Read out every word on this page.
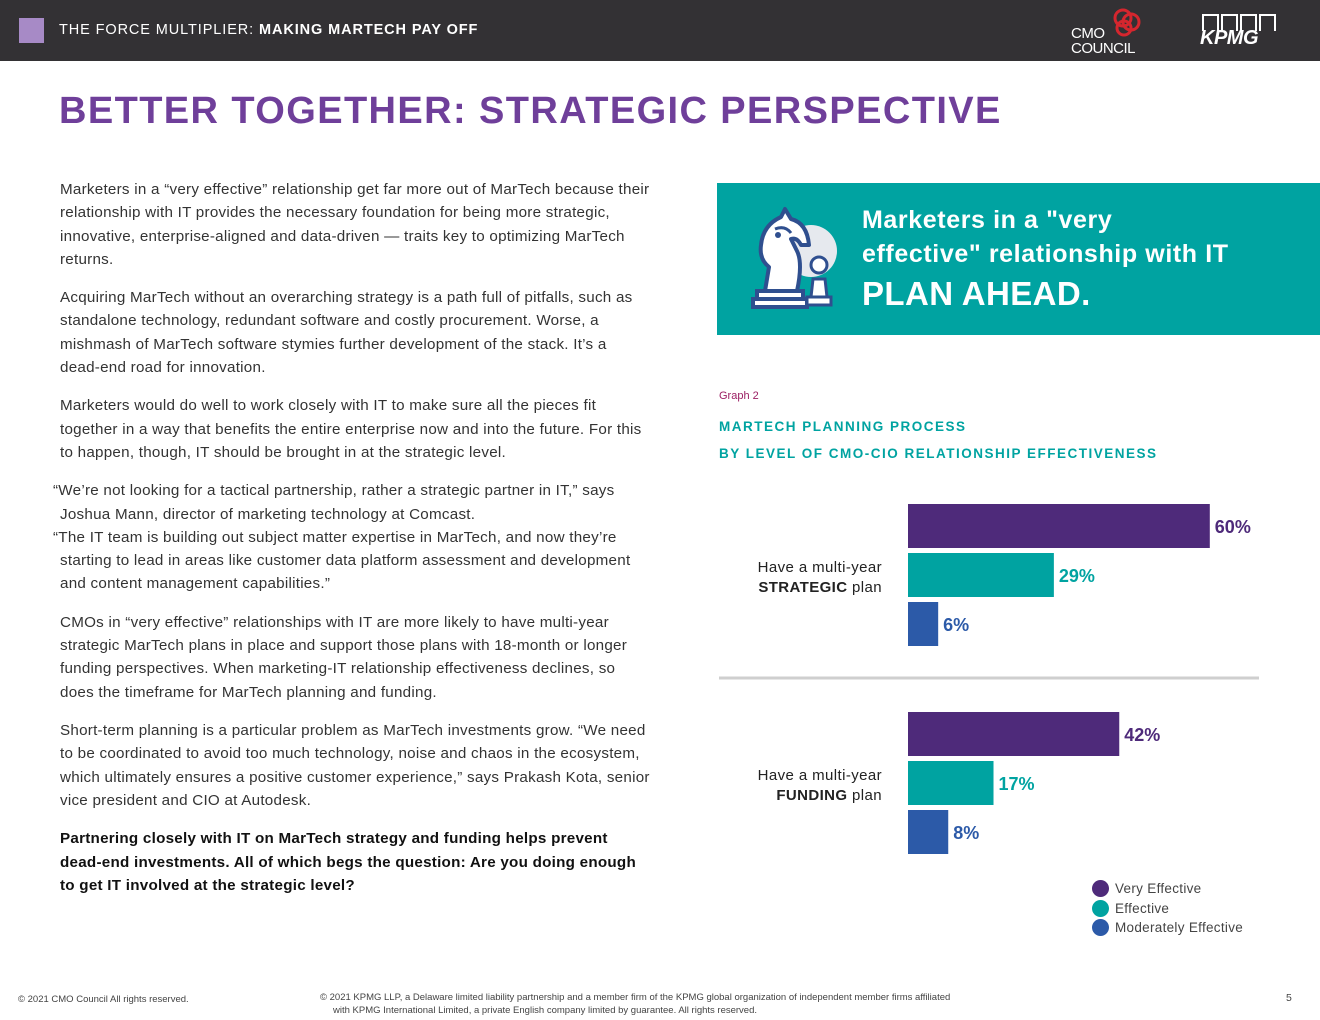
THE FORCE MULTIPLIER: MAKING MARTECH PAY OFF	CMO
COUNCIL	KPMG
BETTER TOGETHER: STRATEGIC PERSPECTIVE

Marketers in a “very effective” relationship get far more out of MarTech because their relationship with IT provides the necessary foundation for being more strategic, innovative, enterprise-aligned and data-driven — traits key to optimizing MarTech returns.

Acquiring MarTech without an overarching strategy is a path full of pitfalls, such as standalone technology, redundant software and costly procurement. Worse, a mishmash of MarTech software stymies further development of the stack. It’s a dead-end road for innovation.

Marketers would do well to work closely with IT to make sure all the pieces fit together in a way that benefits the entire enterprise now and into the future. For this to happen, though, IT should be brought in at the strategic level.

“We’re not looking for a tactical partnership, rather a strategic partner in IT,” says Joshua Mann, director of marketing technology at Comcast.

“The IT team is building out subject matter expertise in MarTech, and now they’re starting to lead in areas like customer data platform assessment and development and content management capabilities.”

CMOs in “very effective” relationships with IT are more likely to have multi-year strategic MarTech plans in place and support those plans with 18-month or longer funding perspectives. When marketing-IT relationship effectiveness declines, so does the timeframe for MarTech planning and funding.

Short-term planning is a particular problem as MarTech investments grow. “We need to be coordinated to avoid too much technology, noise and chaos in the ecosystem, which ultimately ensures a positive customer experience,” says Prakash Kota, senior vice president and CIO at Autodesk.

Partnering closely with IT on MarTech strategy and funding helps prevent dead-end investments. All of which begs the question: Are you doing enough to get IT involved at the strategic level?

Marketers in a "very
effective" relationship with IT
PLAN AHEAD.
Graph 2
MARTECH PLANNING PROCESS
BY LEVEL OF CMO-CIO RELATIONSHIP EFFECTIVENESS
60%
29%
6%
Have a multi-year
STRATEGIC plan
42%
17%
8%
Have a multi-year
FUNDING plan
Very Effective
Effective
Moderately Effective
© 2021 CMO Council All rights reserved.	© 2021 KPMG LLP, a Delaware limited liability partnership and a member firm of the KPMG global organization of independent member firms affiliated
with KPMG International Limited, a private English company limited by guarantee. All rights reserved.
5
